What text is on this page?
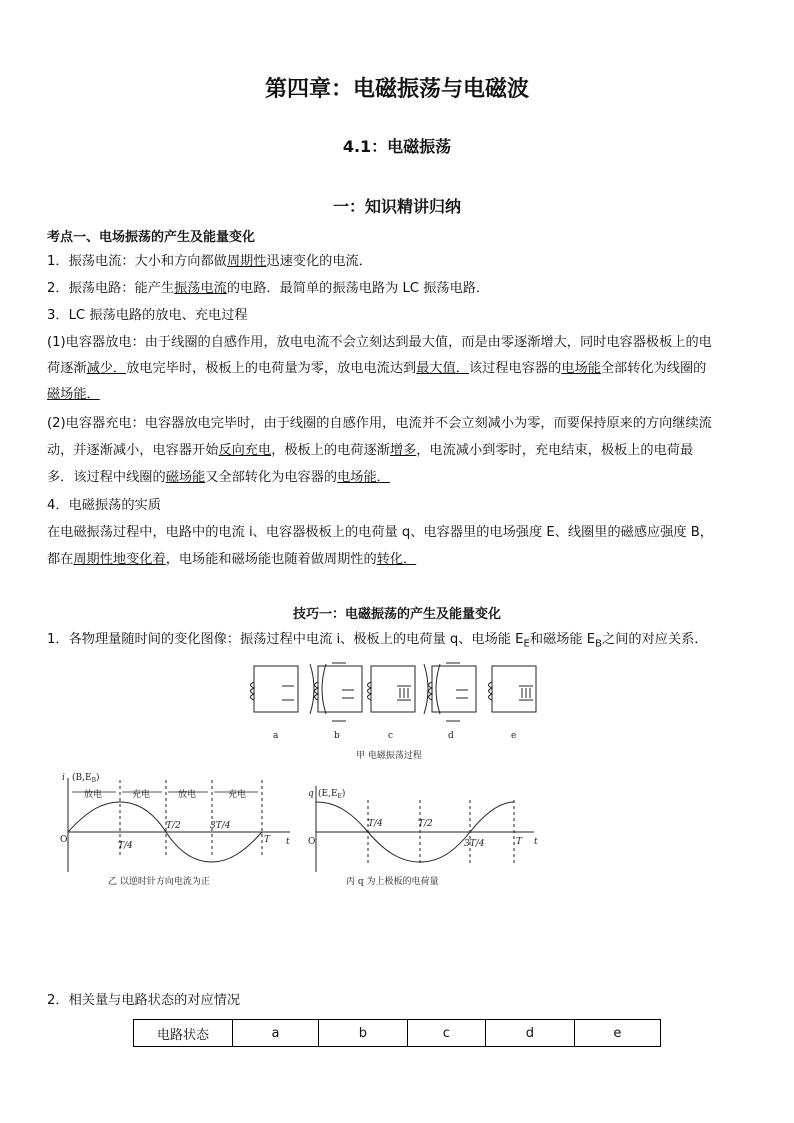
第四章：电磁振荡与电磁波
4.1：电磁振荡
一：知识精讲归纳
考点一、电场振荡的产生及能量变化
1．振荡电流：大小和方向都做周期性迅速变化的电流．
2．振荡电路：能产生振荡电流的电路．最简单的振荡电路为 LC 振荡电路．
3．LC 振荡电路的放电、充电过程
(1)电容器放电：由于线圈的自感作用，放电电流不会立刻达到最大值，而是由零逐渐增大，同时电容器极板上的电
荷逐渐减少．放电完毕时，极板上的电荷量为零，放电电流达到最大值．该过程电容器的电场能全部转化为线圈的
磁场能．
(2)电容器充电：电容器放电完毕时，由于线圈的自感作用，电流并不会立刻减小为零，而要保持原来的方向继续流
动，并逐渐减小，电容器开始反向充电，极板上的电荷逐渐增多，电流减小到零时，充电结束，极板上的电荷最
多．该过程中线圈的磁场能又全部转化为电容器的电场能．
4．电磁振荡的实质
在电磁振荡过程中，电路中的电流 i、电容器极板上的电荷量 q、电容器里的电场强度 E、线圈里的磁感应强度 B，
都在周期性地变化着，电场能和磁场能也随着做周期性的转化．
技巧一：电磁振荡的产生及能量变化
1．各物理量随时间的变化图像：振荡过程中电流 i、极板上的电荷量 q、电场能 $E_E$和磁场能 $E_B$之间的对应关系．
a	b	c	d	e
甲 电磁振荡过程
i $(B,E_B)$
O	t
放电	充电	放电	充电
T/4
T/2	3T/4
T
乙 以逆时针方向电流为正
q $(E,E_E)$
O	t
T/4	T/2
3T/4	T
丙 q 为上极板的电荷量
2．相关量与电路状态的对应情况
电路状态	a	b	c	d	e
